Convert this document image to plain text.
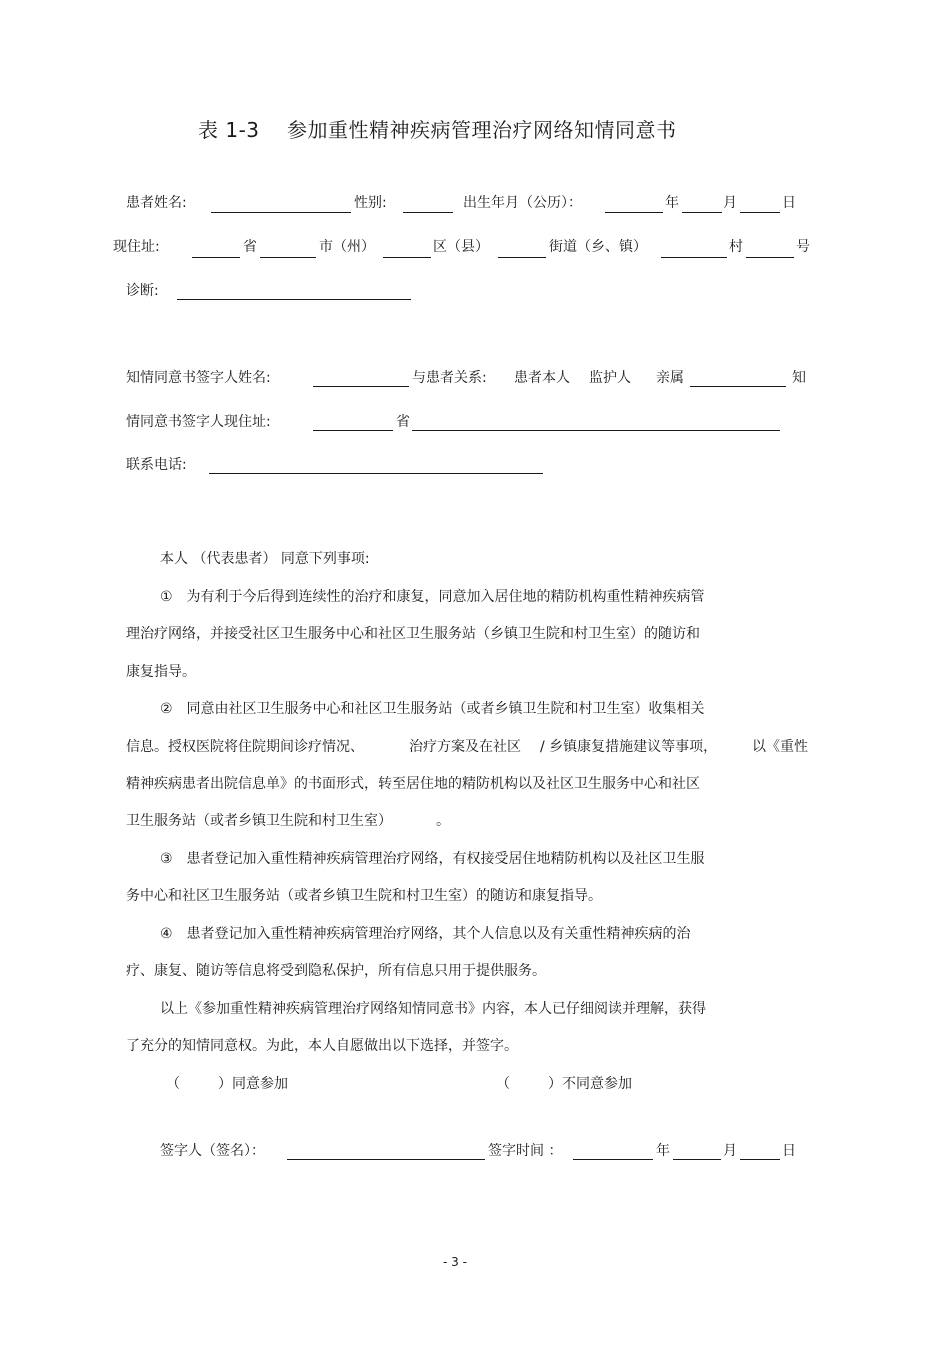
表 1-3 参加重性精神疾病管理治疗网络知情同意书
患者姓名:	性别:	出生年月（公历）：	年	月	日
现住址:	省	市（州）	区（县）	街道（乡、镇）	村	号
诊断:
知情同意书签字人姓名:	与患者关系: 患者本人 监护人 亲属	知
情同意书签字人现住址:	省
联系电话:
本人 （代表患者） 同意下列事项:
①　为有利于今后得到连续性的治疗和康复，同意加入居住地的精防机构重性精神疾病管
理治疗网络，并接受社区卫生服务中心和社区卫生服务站（乡镇卫生院和村卫生室）的随访和
康复指导。
②　同意由社区卫生服务中心和社区卫生服务站（或者乡镇卫生院和村卫生室）收集相关
信息。授权医院将住院期间诊疗情况、	治疗方案及在社区 / 乡镇康复措施建议等事项， 以《重性
精神疾病患者出院信息单》的书面形式，转至居住地的精防机构以及社区卫生服务中心和社区
卫生服务站（或者乡镇卫生院和村卫生室）	。
③　患者登记加入重性精神疾病管理治疗网络，有权接受居住地精防机构以及社区卫生服
务中心和社区卫生服务站（或者乡镇卫生院和村卫生室）的随访和康复指导。
④　患者登记加入重性精神疾病管理治疗网络，其个人信息以及有关重性精神疾病的治
疗、康复、随访等信息将受到隐私保护，所有信息只用于提供服务。
以上《参加重性精神疾病管理治疗网络知情同意书》内容，本人已仔细阅读并理解，获得
了充分的知情同意权。为此，本人自愿做出以下选择，并签字。
（	）同意参加	（	）不同意参加
签字人（签名）：	签字时间 ：	年	月	日
- 3 -
